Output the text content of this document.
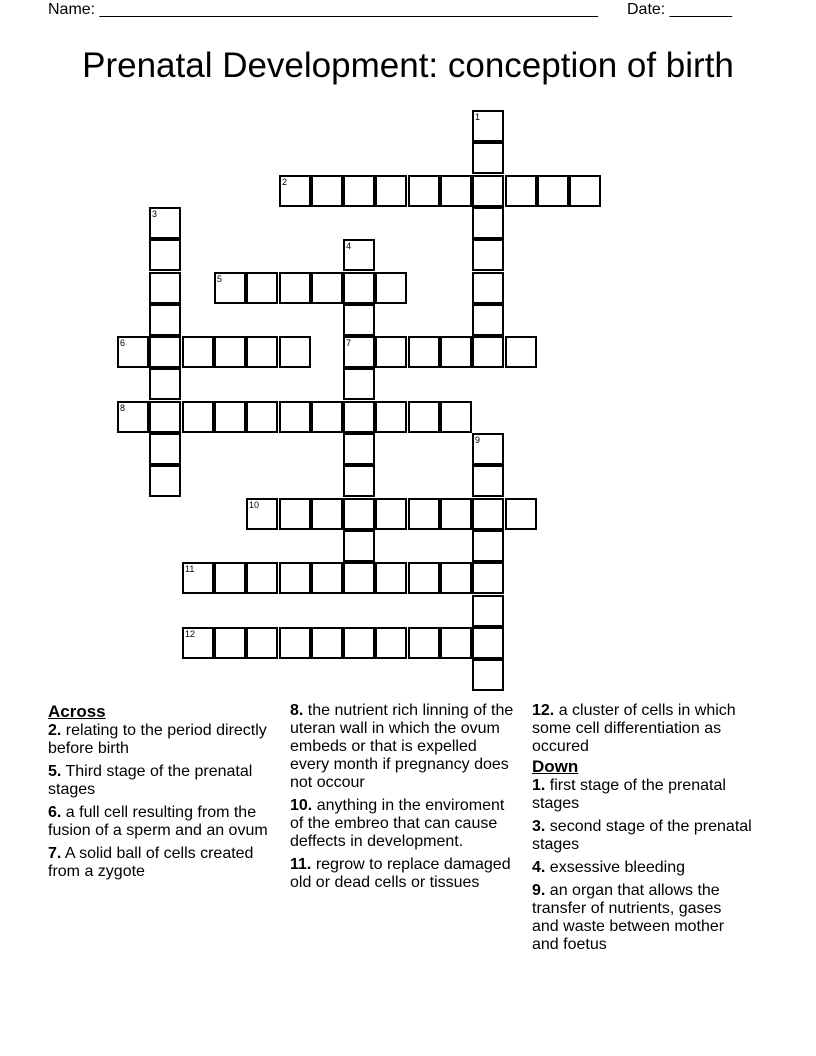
Name: ________________________________________________________ Date: _______
Prenatal Development: conception of birth
1
2
3
4
7
5
6
8
9
10
11
12
Across
2. relating to the period directly before birth
5. Third stage of the prenatal stages
6. a full cell resulting from the fusion of a sperm and an ovum
7. A solid ball of cells created from a zygote
8. the nutrient rich linning of the uteran wall in which the ovum embeds or that is expelled every month if pregnancy does not occour
10. anything in the enviroment of the embreo that can cause deffects in development.
11. regrow to replace damaged old or dead cells or tissues
12. a cluster of cells in which some cell differentiation as occured
Down
1. first stage of the prenatal stages
3. second stage of the prenatal stages
4. exsessive bleeding
9. an organ that allows the transfer of nutrients, gases and waste between mother and foetus
